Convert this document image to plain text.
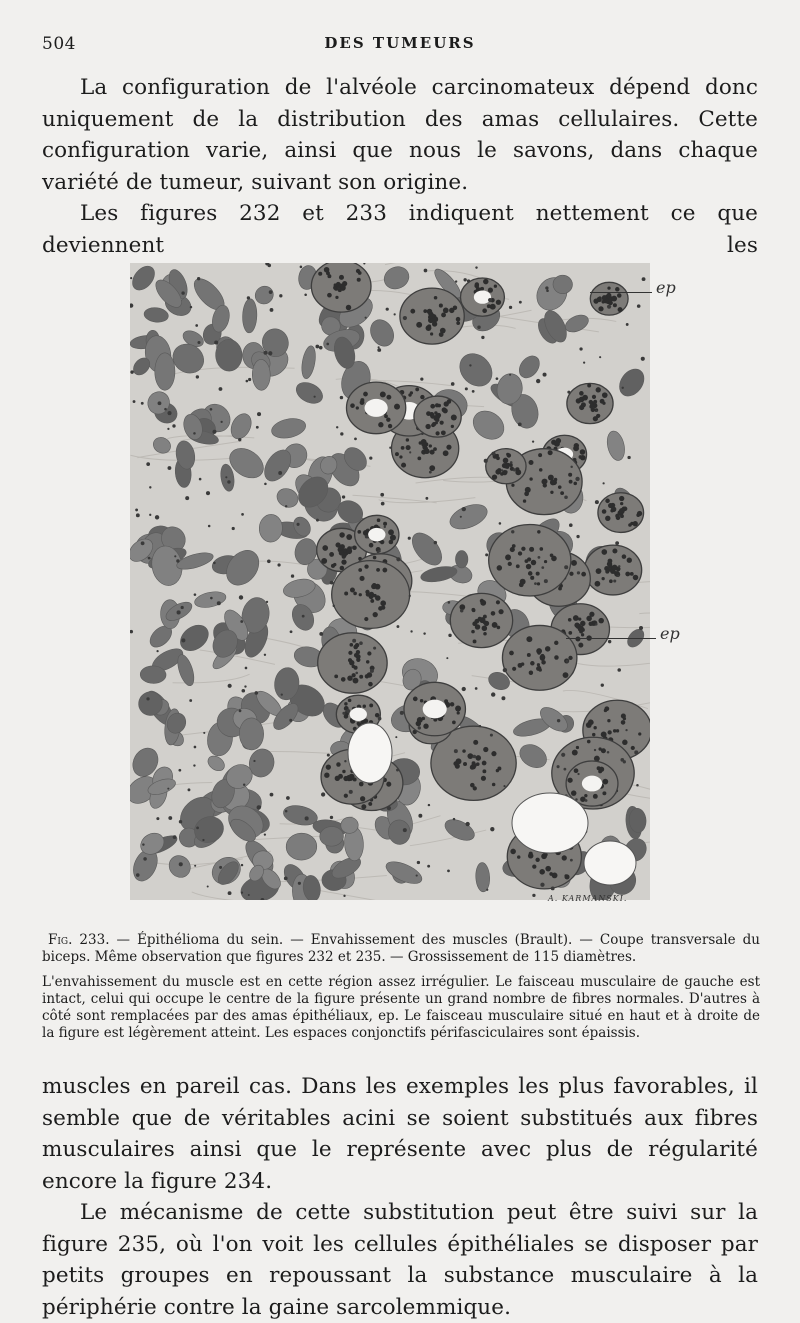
504	DES TUMEURS

La configuration de l'alvéole carcinomateux dépend donc uniquement de la distribution des amas cellulaires. Cette configuration varie, ainsi que nous le savons, dans chaque variété de tumeur, suivant son origine.

Les figures 232 et 233 indiquent nettement ce que deviennent les

ep
ep
A. KARMANSKI.

Fig. 233. — Épithélioma du sein. — Envahissement des muscles (Brault). — Coupe transversale du biceps. Même observation que figures 232 et 235. — Grossissement de 115 diamètres.

L'envahissement du muscle est en cette région assez irrégulier. Le faisceau musculaire de gauche est intact, celui qui occupe le centre de la figure présente un grand nombre de fibres normales. D'autres à côté sont remplacées par des amas épithéliaux, ep. Le faisceau musculaire situé en haut et à droite de la figure est légèrement atteint. Les espaces conjonctifs périfasciculaires sont épaissis.

muscles en pareil cas. Dans les exemples les plus favorables, il semble que de véritables acini se soient substitués aux fibres musculaires ainsi que le représente avec plus de régularité encore la figure 234.

Le mécanisme de cette substitution peut être suivi sur la figure 235, où l'on voit les cellules épithéliales se disposer par petits groupes en repoussant la substance musculaire à la périphérie contre la gaine sarcolemmique.
